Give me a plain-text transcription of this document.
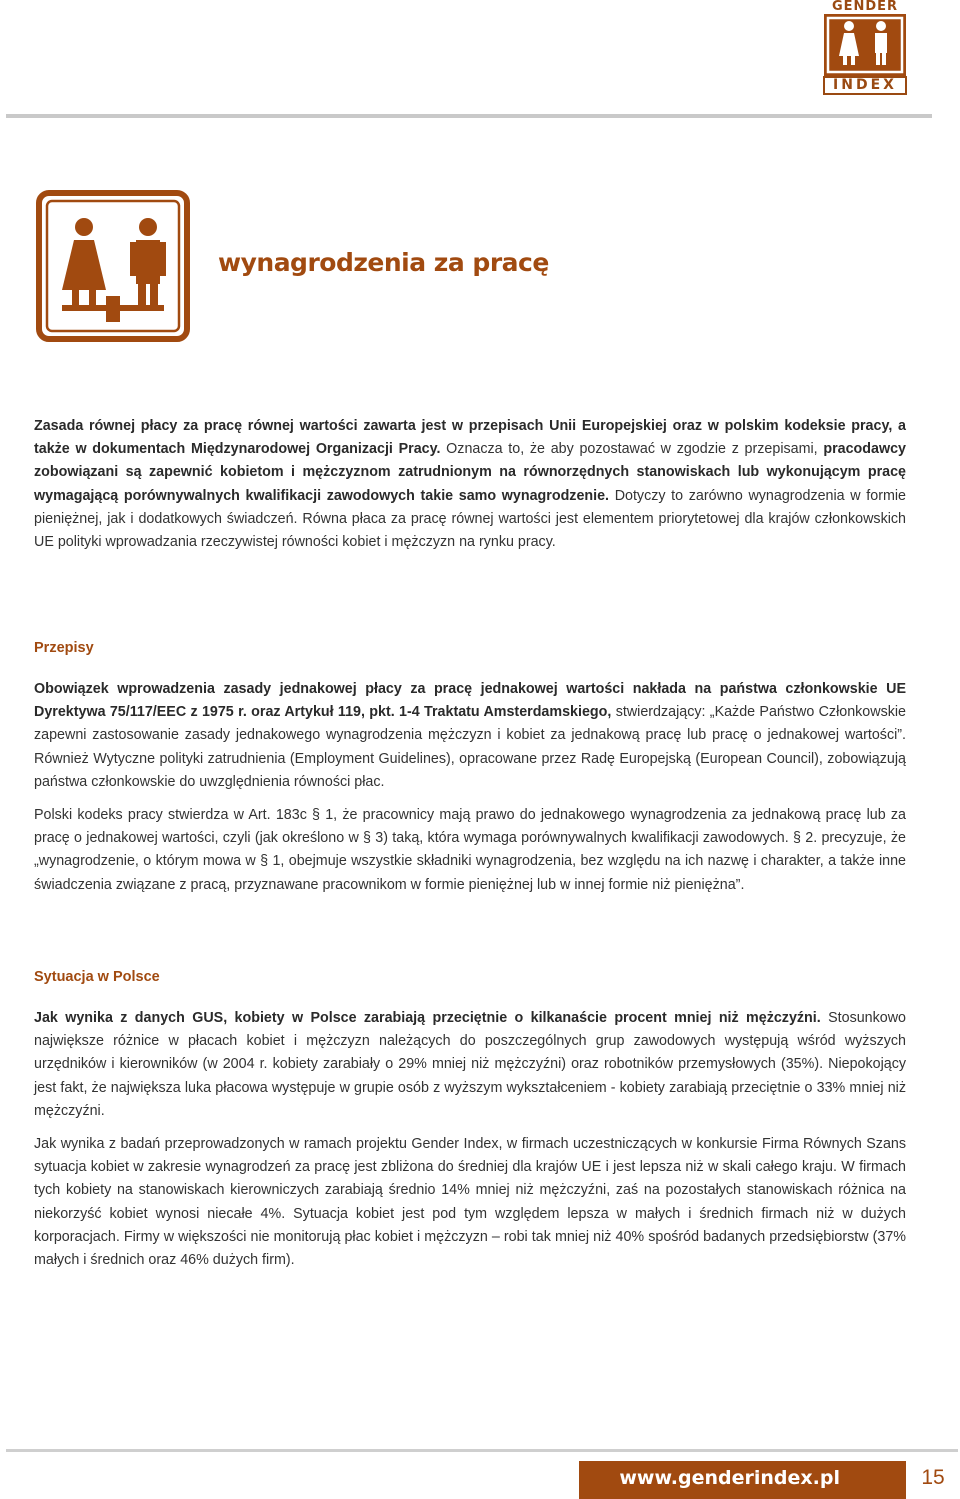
GENDER
INDEX
wynagrodzenia za pracę

Zasada równej płacy za pracę równej wartości zawarta jest w przepisach Unii Europejskiej oraz w polskim kodeksie pracy, a także w dokumentach Międzynarodowej Organizacji Pracy. Oznacza to, że aby pozostawać w zgodzie z przepisami, pracodawcy zobowiązani są zapewnić kobietom i mężczyznom zatrudnionym na równorzędnych stanowiskach lub wykonującym pracę wymagającą porównywalnych kwalifikacji zawodowych takie samo wynagrodzenie. Dotyczy to zarówno wynagrodzenia w formie pieniężnej, jak i dodatkowych świadczeń. Równa płaca za pracę równej wartości jest elementem priorytetowej dla krajów członkowskich UE polityki wprowadzania rzeczywistej równości kobiet i mężczyzn na rynku pracy.

Przepisy

Obowiązek wprowadzenia zasady jednakowej płacy za pracę jednakowej wartości nakłada na państwa członkowskie UE Dyrektywa 75/117/EEC z 1975 r. oraz Artykuł 119, pkt. 1-4 Traktatu Amsterdamskiego, stwierdzający: „Każde Państwo Członkowskie zapewni zastosowanie zasady jednakowego wynagrodzenia mężczyzn i kobiet za jednakową pracę lub pracę o jednakowej wartości”. Również Wytyczne polityki zatrudnienia (Employment Guidelines), opracowane przez Radę Europejską (European Council), zobowiązują państwa członkowskie do uwzględnienia równości płac.

Polski kodeks pracy stwierdza w Art. 183c § 1, że pracownicy mają prawo do jednakowego wynagrodzenia za jednakową pracę lub za pracę o jednakowej wartości, czyli (jak określono w § 3) taką, która wymaga porównywalnych kwalifikacji zawodowych. § 2. precyzuje, że „wynagrodzenie, o którym mowa w § 1, obejmuje wszystkie składniki wynagrodzenia, bez względu na ich nazwę i charakter, a także inne świadczenia związane z pracą, przyznawane pracownikom w formie pieniężnej lub w innej formie niż pieniężna”.

Sytuacja w Polsce

Jak wynika z danych GUS, kobiety w Polsce zarabiają przeciętnie o kilkanaście procent mniej niż mężczyźni. Stosunkowo największe różnice w płacach kobiet i mężczyzn należących do poszczególnych grup zawodowych występują wśród wyższych urzędników i kierowników (w 2004 r. kobiety zarabiały o 29% mniej niż mężczyźni) oraz robotników przemysłowych (35%). Niepokojący jest fakt, że największa luka płacowa występuje w grupie osób z wyższym wykształceniem - kobiety zarabiają przeciętnie o 33% mniej niż mężczyźni.

Jak wynika z badań przeprowadzonych w ramach projektu Gender Index, w firmach uczestniczących w konkursie Firma Równych Szans sytuacja kobiet w zakresie wynagrodzeń za pracę jest zbliżona do średniej dla krajów UE i jest lepsza niż w skali całego kraju. W firmach tych kobiety na stanowiskach kierowniczych zarabiają średnio 14% mniej niż mężczyźni, zaś na pozostałych stanowiskach różnica na niekorzyść kobiet wynosi niecałe 4%. Sytuacja kobiet jest pod tym względem lepsza w małych i średnich firmach niż w dużych korporacjach. Firmy w większości nie monitorują płac kobiet i mężczyzn – robi tak mniej niż 40% spośród badanych przedsiębiorstw (37% małych i średnich oraz 46% dużych firm).

www.genderindex.pl	15
